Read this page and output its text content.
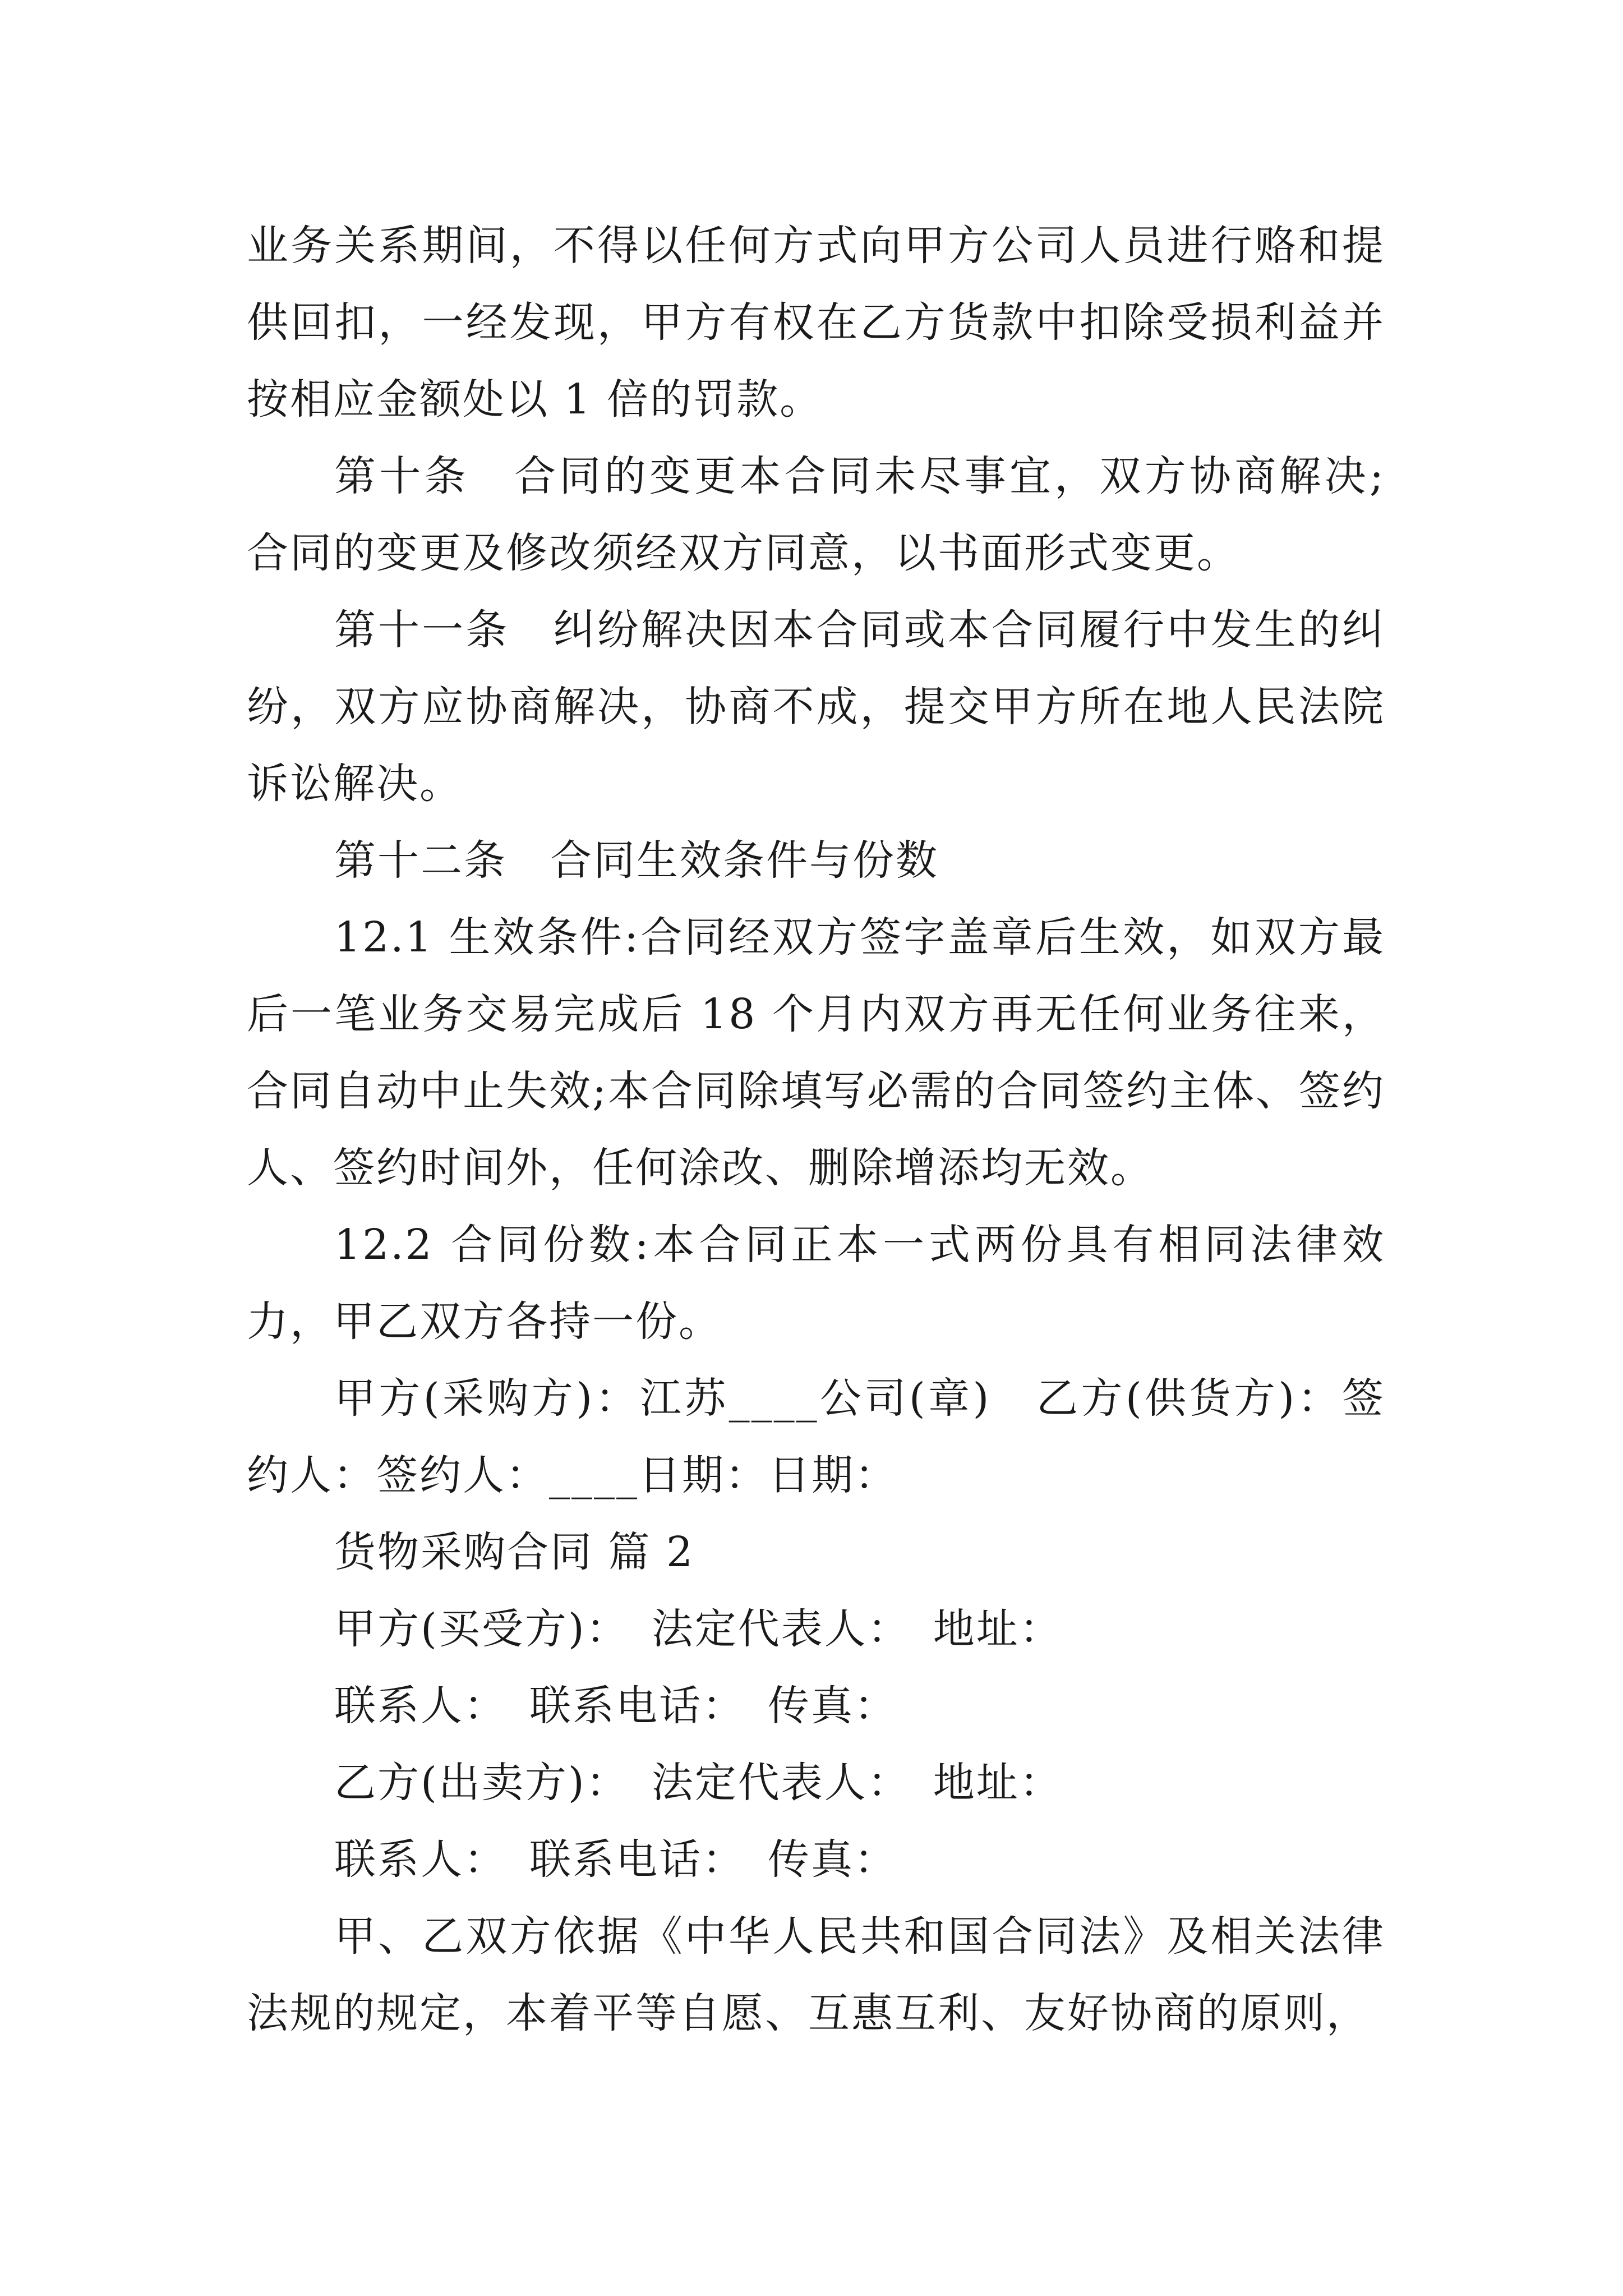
业务关系期间，不得以任何方式向甲方公司人员进行赂和提供回扣，一经发现，甲方有权在乙方货款中扣除受损利益并按相应金额处以 1 倍的罚款。

第十条　合同的变更本合同未尽事宜，双方协商解决;合同的变更及修改须经双方同意，以书面形式变更。

第十一条　纠纷解决因本合同或本合同履行中发生的纠纷，双方应协商解决，协商不成，提交甲方所在地人民法院诉讼解决。

第十二条　合同生效条件与份数

12.1 生效条件:合同经双方签字盖章后生效，如双方最后一笔业务交易完成后 18 个月内双方再无任何业务往来，合同自动中止失效;本合同除填写必需的合同签约主体、签约人、签约时间外，任何涂改、删除增添均无效。

12.2 合同份数:本合同正本一式两份具有相同法律效力，甲乙双方各持一份。

甲方(采购方)：江苏____公司(章)　乙方(供货方)：签约人：签约人：____日期：日期：

货物采购合同 篇 2

甲方(买受方)：　法定代表人：　地址：

联系人：　联系电话：　传真：

乙方(出卖方)：　法定代表人：　地址：

联系人：　联系电话：　传真：

甲、乙双方依据《中华人民共和国合同法》及相关法律法规的规定，本着平等自愿、互惠互利、友好协商的原则，
